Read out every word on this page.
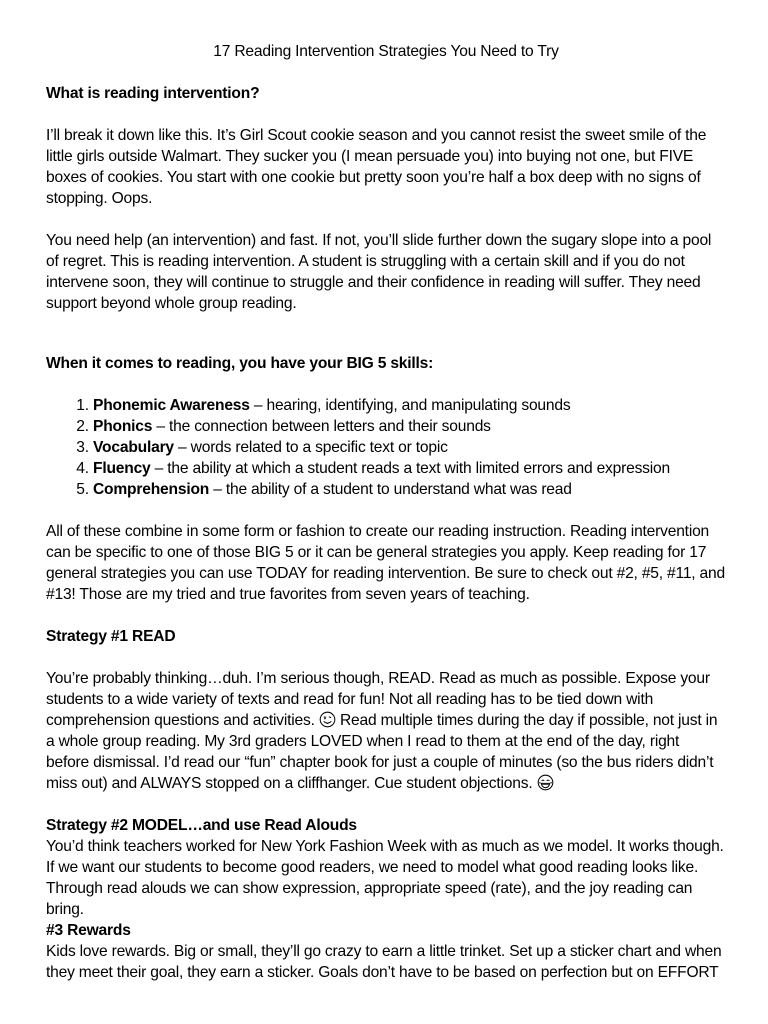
17 Reading Intervention Strategies You Need to Try
What is reading intervention?

I’ll break it down like this. It’s Girl Scout cookie season and you cannot resist the sweet smile of the little girls outside Walmart. They sucker you (I mean persuade you) into buying not one, but FIVE boxes of cookies. You start with one cookie but pretty soon you’re half a box deep with no signs of stopping. Oops.

You need help (an intervention) and fast. If not, you’ll slide further down the sugary slope into a pool of regret. This is reading intervention. A student is struggling with a certain skill and if you do not intervene soon, they will continue to struggle and their confidence in reading will suffer. They need support beyond whole group reading.

When it comes to reading, you have your BIG 5 skills:
1. Phonemic Awareness – hearing, identifying, and manipulating sounds
2. Phonics – the connection between letters and their sounds
3. Vocabulary – words related to a specific text or topic
4. Fluency – the ability at which a student reads a text with limited errors and expression
5. Comprehension – the ability of a student to understand what was read

All of these combine in some form or fashion to create our reading instruction. Reading intervention can be specific to one of those BIG 5 or it can be general strategies you apply. Keep reading for 17 general strategies you can use TODAY for reading intervention. Be sure to check out #2, #5, #11, and #13! Those are my tried and true favorites from seven years of teaching.

Strategy #1 READ

You’re probably thinking…duh. I’m serious though, READ. Read as much as possible. Expose your students to a wide variety of texts and read for fun! Not all reading has to be tied down with comprehension questions and activities.  Read multiple times during the day if possible, not just in a whole group reading. My 3rd graders LOVED when I read to them at the end of the day, right before dismissal. I’d read our “fun” chapter book for just a couple of minutes (so the bus riders didn’t miss out) and ALWAYS stopped on a cliffhanger. Cue student objections.

Strategy #2 MODEL…and use Read Alouds

You’d think teachers worked for New York Fashion Week with as much as we model. It works though. If we want our students to become good readers, we need to model what good reading looks like. Through read alouds we can show expression, appropriate speed (rate), and the joy reading can bring.

#3 Rewards

Kids love rewards. Big or small, they’ll go crazy to earn a little trinket. Set up a sticker chart and when they meet their goal, they earn a sticker. Goals don’t have to be based on perfection but on EFFORT
